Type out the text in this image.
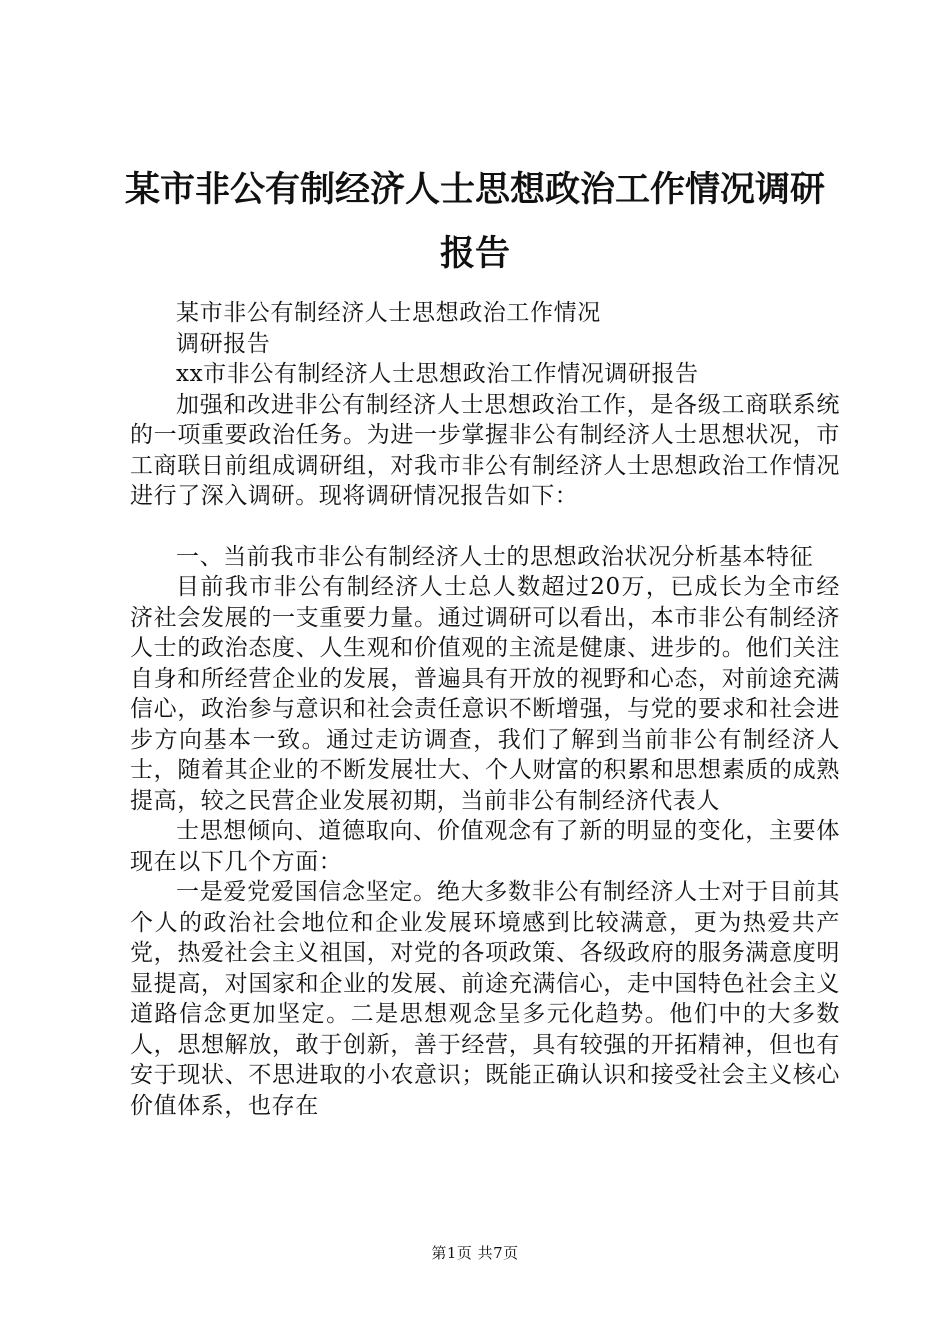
某市非公有制经济人士思想政治工作情况调研报告

某市非公有制经济人士思想政治工作情况

调研报告

xx市非公有制经济人士思想政治工作情况调研报告

加强和改进非公有制经济人士思想政治工作，是各级工商联系统的一项重要政治任务。为进一步掌握非公有制经济人士思想状况，市工商联日前组成调研组，对我市非公有制经济人士思想政治工作情况进行了深入调研。现将调研情况报告如下：

一、当前我市非公有制经济人士的思想政治状况分析基本特征

目前我市非公有制经济人士总人数超过20万，已成长为全市经济社会发展的一支重要力量。通过调研可以看出，本市非公有制经济人士的政治态度、人生观和价值观的主流是健康、进步的。他们关注自身和所经营企业的发展，普遍具有开放的视野和心态，对前途充满信心，政治参与意识和社会责任意识不断增强，与党的要求和社会进步方向基本一致。通过走访调查，我们了解到当前非公有制经济人士，随着其企业的不断发展壮大、个人财富的积累和思想素质的成熟提高，较之民营企业发展初期，当前非公有制经济代表人

士思想倾向、道德取向、价值观念有了新的明显的变化，主要体现在以下几个方面：

一是爱党爱国信念坚定。绝大多数非公有制经济人士对于目前其个人的政治社会地位和企业发展环境感到比较满意，更为热爱共产党，热爱社会主义祖国，对党的各项政策、各级政府的服务满意度明显提高，对国家和企业的发展、前途充满信心，走中国特色社会主义道路信念更加坚定。二是思想观念呈多元化趋势。他们中的大多数人，思想解放，敢于创新，善于经营，具有较强的开拓精神，但也有安于现状、不思进取的小农意识；既能正确认识和接受社会主义核心价值体系，也存在

第1页 共7页
